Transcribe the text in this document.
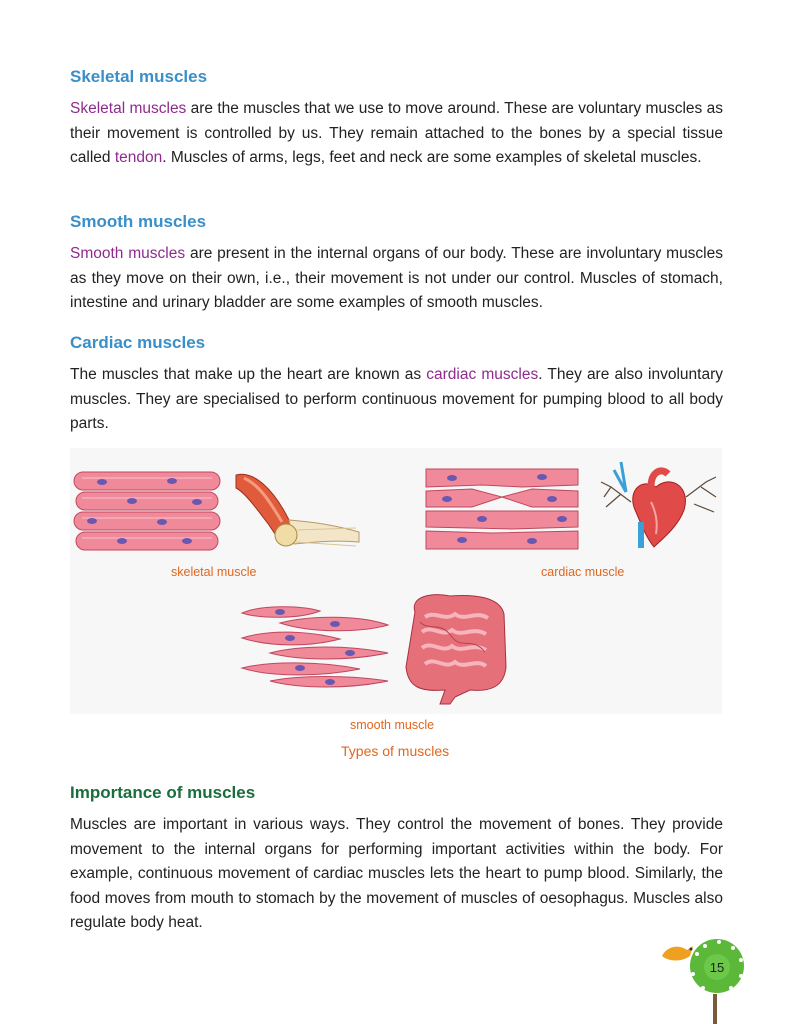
Skeletal muscles

Skeletal muscles are the muscles that we use to move around. These are voluntary muscles as their movement is controlled by us. They remain attached to the bones by a special tissue called tendon. Muscles of arms, legs, feet and neck are some examples of skeletal muscles.

Smooth muscles

Smooth muscles are present in the internal organs of our body. These are involuntary muscles as they move on their own, i.e., their movement is not under our control. Muscles of stomach, intestine and urinary bladder are some examples of smooth muscles.

Cardiac muscles

The muscles that make up the heart are known as cardiac muscles. They are also involuntary muscles. They are specialised to perform continuous movement for pumping blood to all body parts.

skeletal muscle	cardiac muscle
smooth muscle
Types of muscles
Importance of muscles

Muscles are important in various ways. They control the movement of bones. They provide movement to the internal organs for performing important activities within the body. For example, continuous movement of cardiac muscles lets the heart to pump blood. Similarly, the food moves from mouth to stomach by the movement of muscles of oesophagus. Muscles also regulate body heat.

15
